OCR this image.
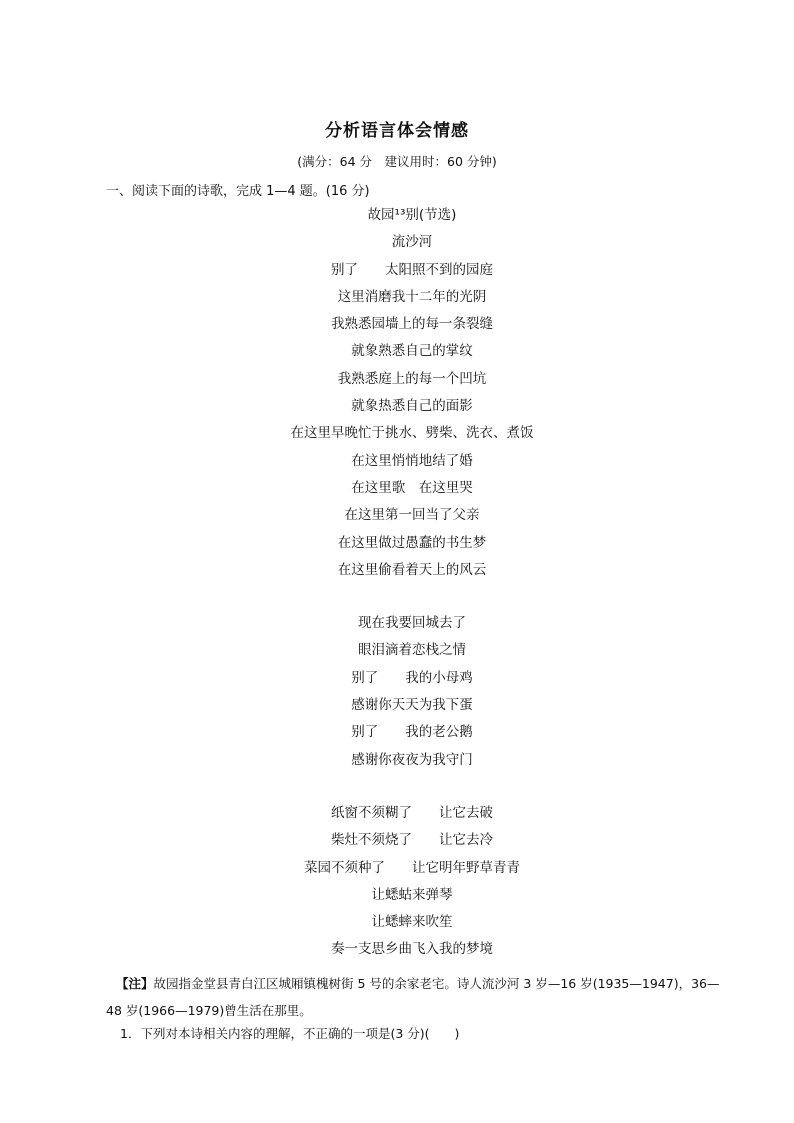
分析语言体会情感
(满分：64 分　建议用时：60 分钟)
一、阅读下面的诗歌，完成 1—4 题。(16 分)
故园¹³别(节选)
流沙河
别了　　太阳照不到的园庭
这里消磨我十二年的光阴
我熟悉园墙上的每一条裂缝
就象熟悉自己的掌纹
我熟悉庭上的每一个凹坑
就象热悉自己的面影
在这里早晚忙于挑水、劈柴、洗衣、煮饭
在这里悄悄地结了婚
在这里歌　在这里哭
在这里第一回当了父亲
在这里做过愚蠢的书生梦
在这里偷看着天上的风云
现在我要回城去了
眼泪滴着恋栈之情
别了　　我的小母鸡
感谢你天天为我下蛋
别了　　我的老公鹅
感谢你夜夜为我守门
纸窗不须糊了　　让它去破
柴灶不须烧了　　让它去冷
菜园不须种了　　让它明年野草青青
让蟋蛄来弹琴
让蟋蟀来吹笙
奏一支思乡曲飞入我的梦境
【注】故园指金堂县青白江区城厢镇槐树街 5 号的余家老宅。诗人流沙河 3 岁—16 岁(1935—1947)，36—48 岁(1966—1979)曾生活在那里。
1．下列对本诗相关内容的理解，不正确的一项是(3 分)(　　)
